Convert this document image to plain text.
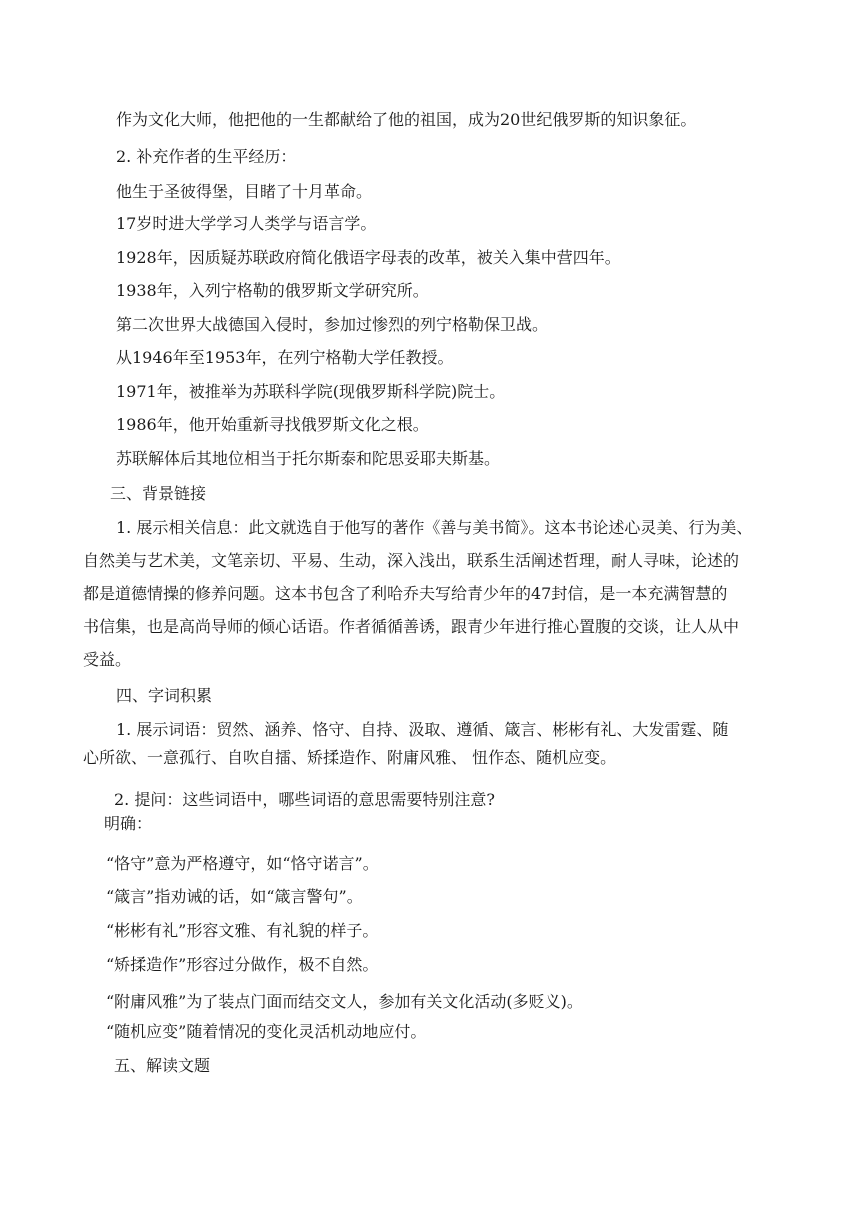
作为文化大师，他把他的一生都献给了他的祖国，成为20世纪俄罗斯的知识象征。
2. 补充作者的生平经历：
他生于圣彼得堡，目睹了十月革命。
17岁时进大学学习人类学与语言学。
1928年，因质疑苏联政府简化俄语字母表的改革，被关入集中营四年。
1938年，入列宁格勒的俄罗斯文学研究所。
第二次世界大战德国入侵时，参加过惨烈的列宁格勒保卫战。
从1946年至1953年，在列宁格勒大学任教授。
1971年，被推举为苏联科学院(现俄罗斯科学院)院士。
1986年，他开始重新寻找俄罗斯文化之根。
苏联解体后其地位相当于托尔斯泰和陀思妥耶夫斯基。
三、背景链接
1. 展示相关信息：此文就选自于他写的著作《善与美书简》。这本书论述心灵美、行为美、
自然美与艺术美，文笔亲切、平易、生动，深入浅出，联系生活阐述哲理，耐人寻味，论述的
都是道德情操的修养问题。这本书包含了利哈乔夫写给青少年的47封信，是一本充满智慧的
书信集，也是高尚导师的倾心话语。作者循循善诱，跟青少年进行推心置腹的交谈，让人从中
受益。
四、字词积累
1. 展示词语：贸然、涵养、恪守、自持、汲取、遵循、箴言、彬彬有礼、大发雷霆、随
心所欲、一意孤行、自吹自擂、矫揉造作、附庸风雅、 忸作态、随机应变。
2. 提问：这些词语中，哪些词语的意思需要特别注意?
明确：
“恪守”意为严格遵守，如“恪守诺言”。
“箴言”指劝诫的话，如“箴言警句”。
“彬彬有礼”形容文雅、有礼貌的样子。
“矫揉造作”形容过分做作，极不自然。
“附庸风雅”为了装点门面而结交文人，参加有关文化活动(多贬义)。
“随机应变”随着情况的变化灵活机动地应付。
五、解读文题
